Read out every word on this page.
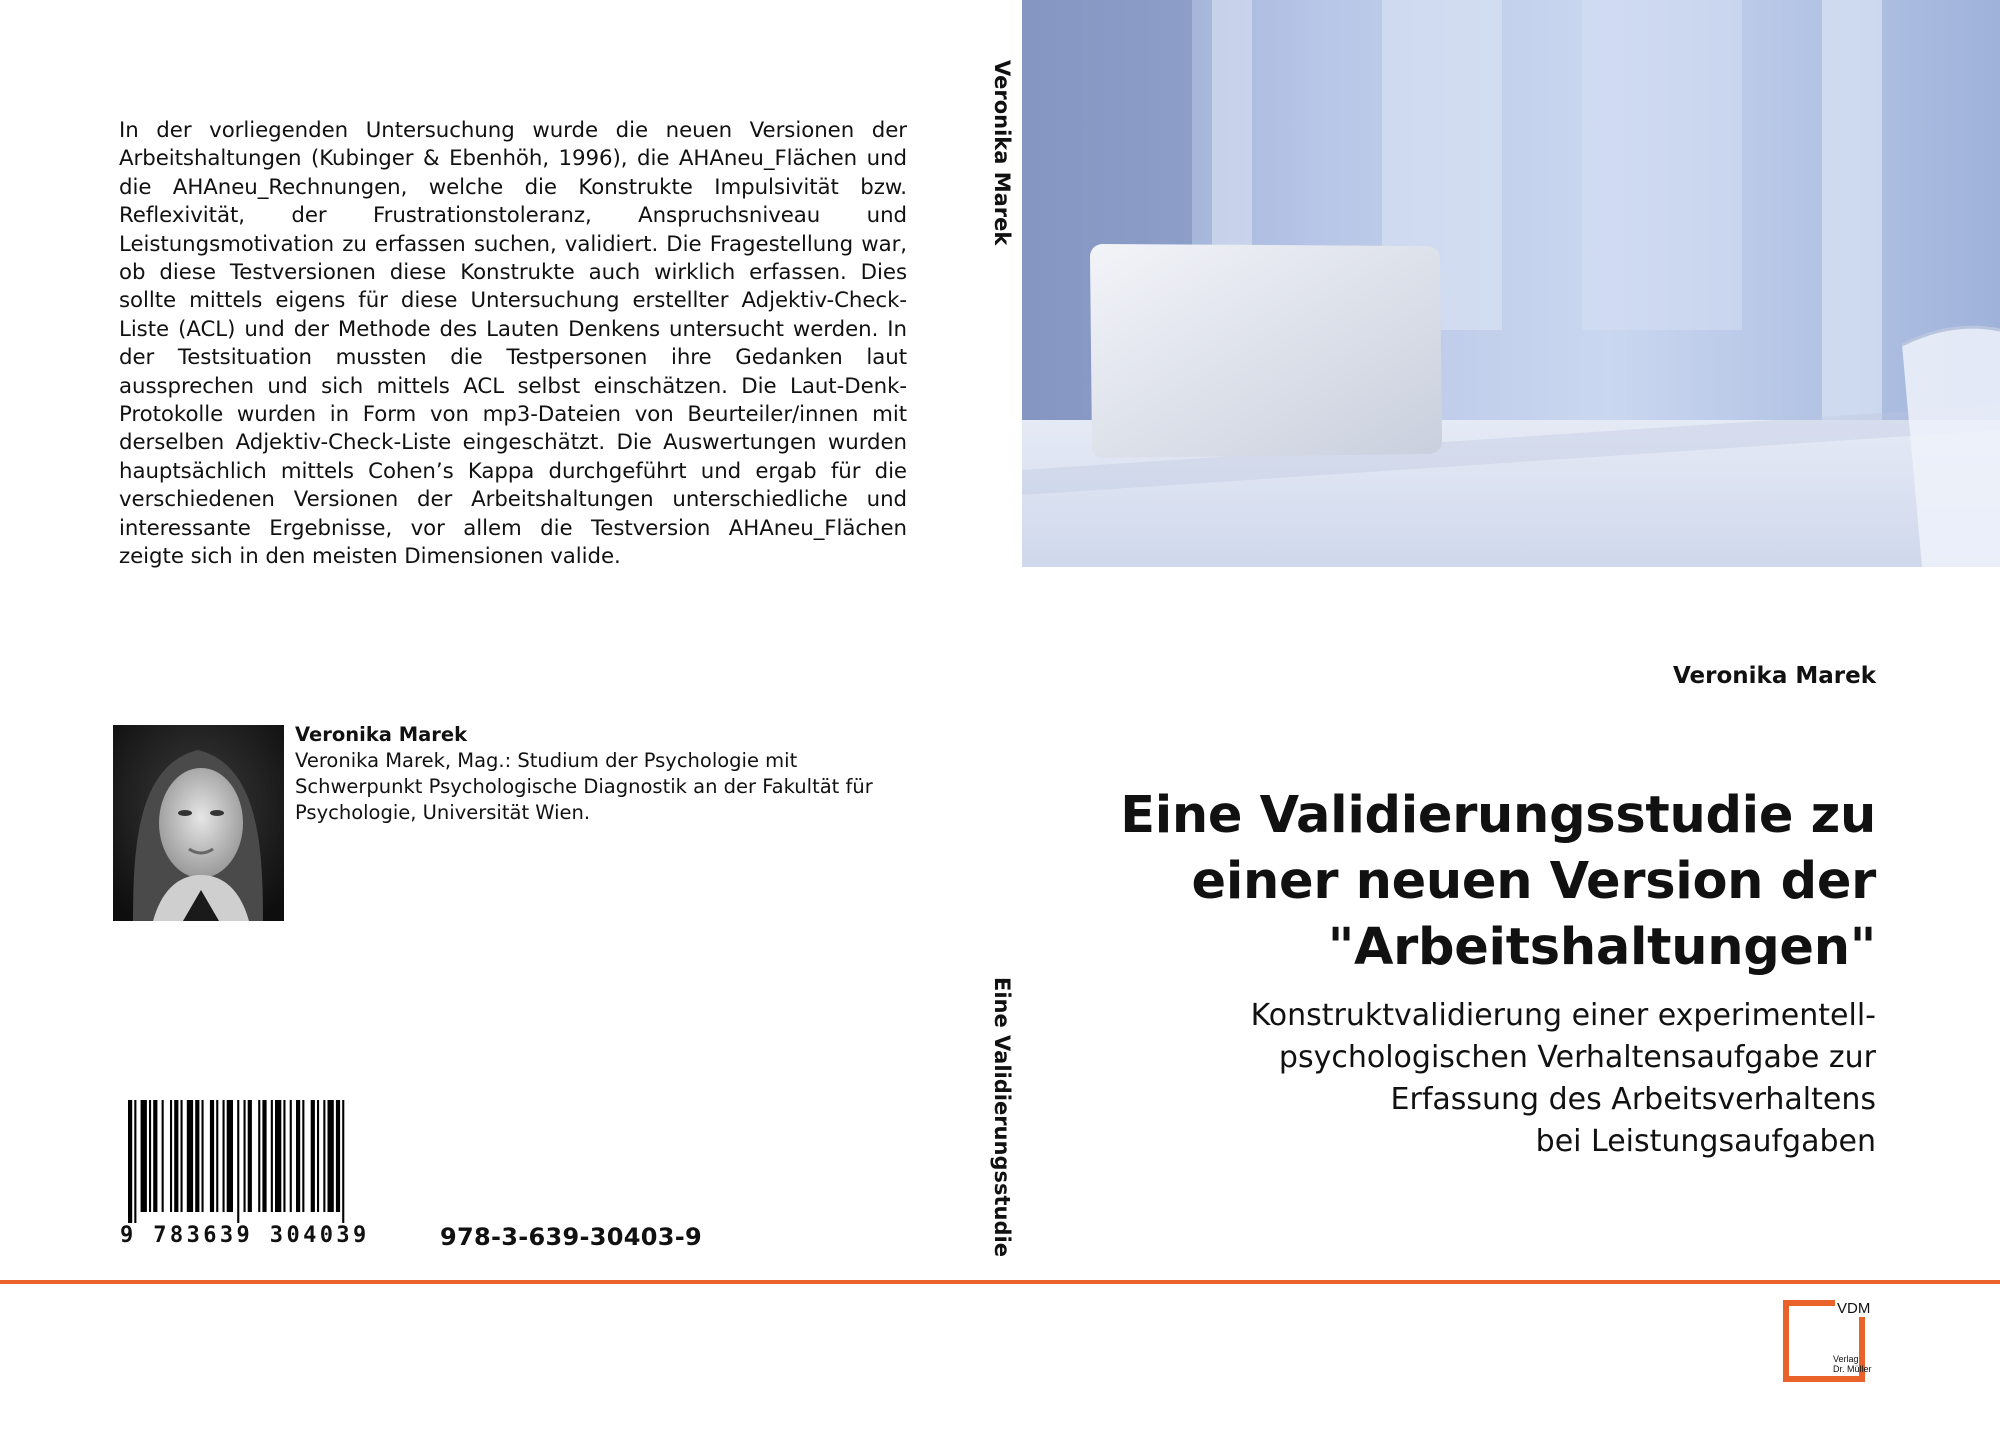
In der vorliegenden Untersuchung wurde die neuen Versionen der Arbeitshaltungen (Kubinger & Ebenhöh, 1996), die AHAneu_Flächen und die AHAneu_Rechnungen, welche die Konstrukte Impulsivität bzw. Reflexivität, der Frustrationstoleranz, Anspruchsniveau und Leistungsmotivation zu erfassen suchen, validiert. Die Fragestellung war, ob diese Testversionen diese Konstrukte auch wirklich erfassen. Dies sollte mittels eigens für diese Untersuchung erstellter Adjektiv-Check-Liste (ACL) und der Methode des Lauten Denkens untersucht werden. In der Testsituation mussten die Testpersonen ihre Gedanken laut aussprechen und sich mittels ACL selbst einschätzen. Die Laut-Denk-Protokolle wurden in Form von mp3-Dateien von Beurteiler/innen mit derselben Adjektiv-Check-Liste eingeschätzt. Die Auswertungen wurden hauptsächlich mittels Cohen’s Kappa durchgeführt und ergab für die verschiedenen Versionen der Arbeitshaltungen unterschiedliche und interessante Ergebnisse, vor allem die Testversion AHAneu_Flächen zeigte sich in den meisten Dimensionen valide.

Veronika Marek
Veronika Marek, Mag.: Studium der Psychologie mit Schwerpunkt Psychologische Diagnostik an der Fakultät für Psychologie, Universität Wien.
9 783639 304039	978-3-639-30403-9

Veronika Marek

Eine Validierungsstudie

Veronika Marek

Eine Validierungsstudie zu
einer neuen Version der
"Arbeitshaltungen"

Konstruktvalidierung einer experimentell-
psychologischen Verhaltensaufgabe zur
Erfassung des Arbeitsverhaltens
bei Leistungsaufgaben

VDM
Verlag
Dr. Müller
